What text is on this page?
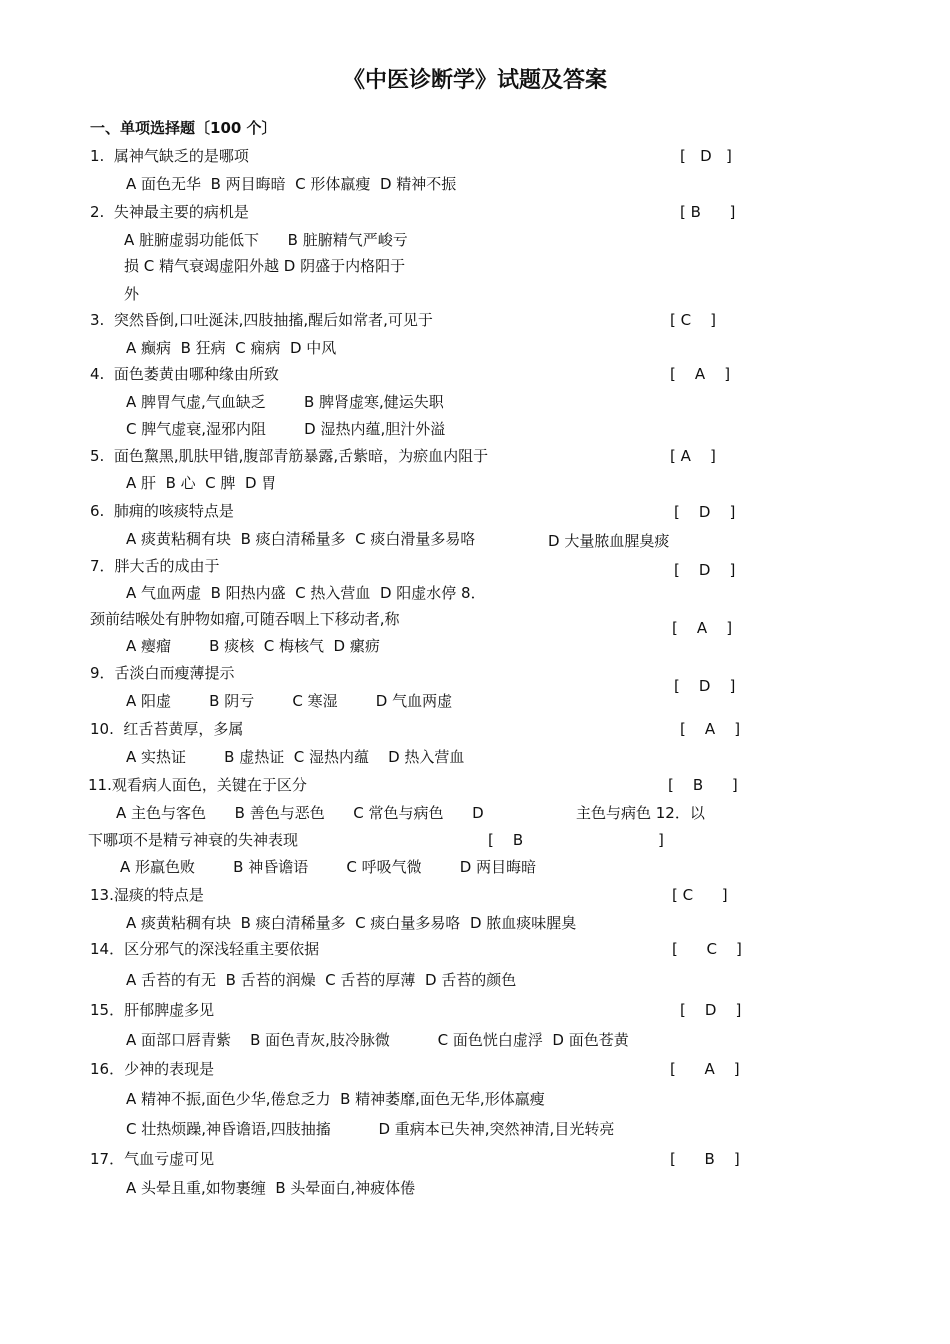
《中医诊断学》试题及答案
一、单项选择题〔100 个〕
1.  属神气缺乏的是哪项	[   D   ]
A 面色无华  B 两目晦暗  C 形体羸瘦  D 精神不振
2.  失神最主要的病机是	[ B      ]
A 脏腑虚弱功能低下      B 脏腑精气严峻亏
损 C 精气衰竭虚阳外越 D 阴盛于内格阳于
外
3.  突然昏倒,口吐涎沫,四肢抽搐,醒后如常者,可见于	[ C    ]
A 癫病  B 狂病  C 痫病  D 中风
4.  面色萎黄由哪种缘由所致	[    A    ]
A 脾胃气虚,气血缺乏        B 脾肾虚寒,健运失职
C 脾气虚衰,湿邪内阻        D 湿热内蕴,胆汁外溢
5.  面色黧黑,肌肤甲错,腹部青筋暴露,舌紫暗，为瘀血内阻于	[ A    ]
A 肝  B 心  C 脾  D 胃
6.  肺痈的咳痰特点是	[    D    ]
A 痰黄粘稠有块  B 痰白清稀量多  C 痰白滑量多易咯	D 大量脓血腥臭痰
7．胖大舌的成由于	[    D    ]
A 气血两虚  B 阳热内盛  C 热入营血  D 阳虚水停 8．
颈前结喉处有肿物如瘤,可随吞咽上下移动者,称	[    A    ]
A 瘿瘤        B 痰核  C 梅核气  D 瘰疬
9．舌淡白而瘦薄提示
[    D    ]
A 阳虚        B 阴亏        C 寒湿        D 气血两虚
10.  红舌苔黄厚，多属	[    A    ]
A 实热证        B 虚热证  C 湿热内蕴    D 热入营血
11.观看病人面色，关键在于区分	[    B      ]
A 主色与客色      B 善色与恶色      C 常色与病色      D	主色与病色 12．以
下哪项不是精亏神衰的失神表现	[    B	]
A 形羸色败        B 神昏谵语        C 呼吸气微        D 两目晦暗
13.湿痰的特点是	[ C      ]
A 痰黄粘稠有块  B 痰白清稀量多  C 痰白量多易咯  D 脓血痰味腥臭
14．区分邪气的深浅轻重主要依据	[      C    ]
A 舌苔的有无  B 舌苔的润燥  C 舌苔的厚薄  D 舌苔的颜色
15．肝郁脾虚多见	[    D    ]
A 面部口唇青紫    B 面色青灰,肢冷脉微          C 面色恍白虚浮  D 面色苍黄
16．少神的表现是	[      A    ]
A 精神不振,面色少华,倦怠乏力  B 精神萎靡,面色无华,形体羸瘦
C 壮热烦躁,神昏谵语,四肢抽搐          D 重病本已失神,突然神清,目光转亮
17．气血亏虚可见	[      B    ]
A 头晕且重,如物裹缠  B 头晕面白,神疲体倦
